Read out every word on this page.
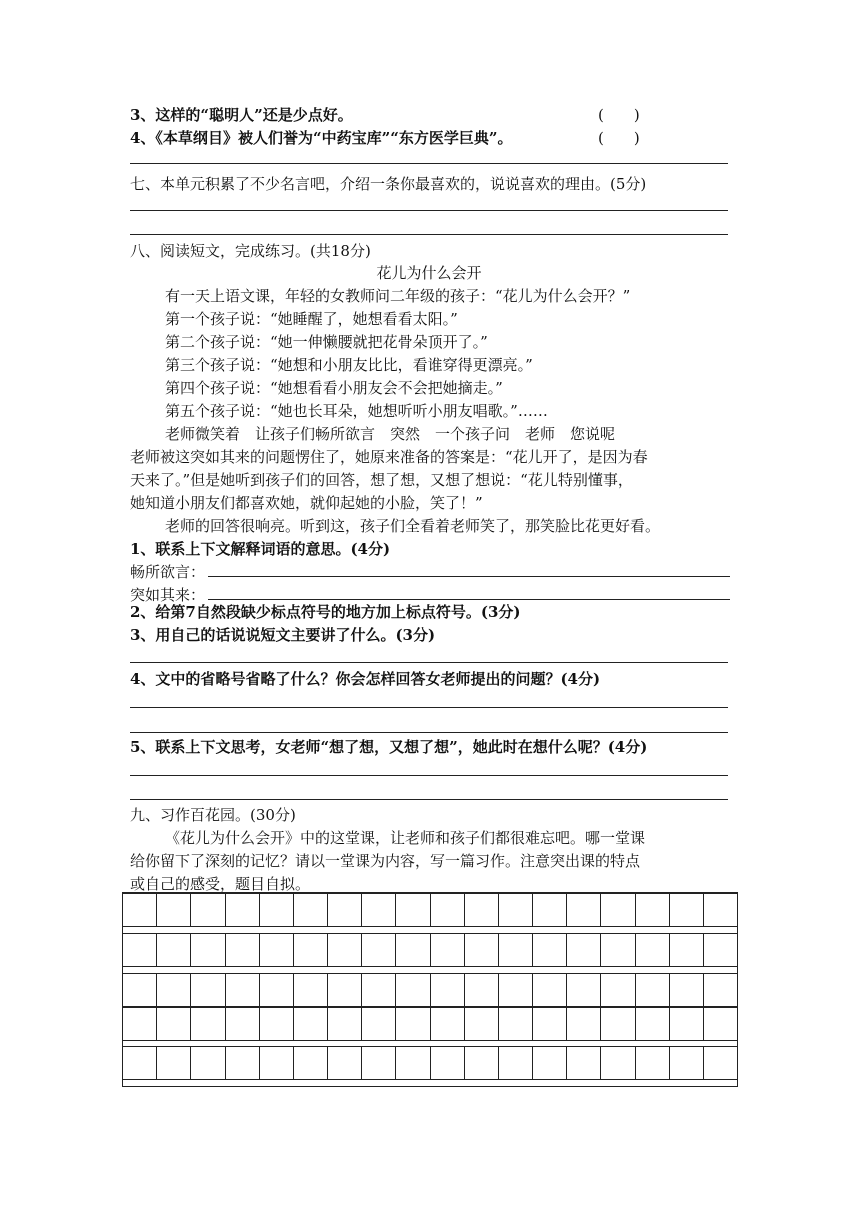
3、这样的“聪明人”还是少点好。	(　　)
4、《本草纲目》被人们誉为“中药宝库”“东方医学巨典”。	(　　)
七、本单元积累了不少名言吧，介绍一条你最喜欢的，说说喜欢的理由。(5分)
八、阅读短文，完成练习。(共18分)
花儿为什么会开
有一天上语文课，年轻的女教师问二年级的孩子：“花儿为什么会开？”
第一个孩子说：“她睡醒了，她想看看太阳。”
第二个孩子说：“她一伸懒腰就把花骨朵顶开了。”
第三个孩子说：“她想和小朋友比比，看谁穿得更漂亮。”
第四个孩子说：“她想看看小朋友会不会把她摘走。”
第五个孩子说：“她也长耳朵，她想听听小朋友唱歌。”……
老师微笑着　让孩子们畅所欲言　突然　一个孩子问　老师　您说呢
老师被这突如其来的问题愣住了，她原来准备的答案是：“花儿开了，是因为春
天来了。”但是她听到孩子们的回答，想了想，又想了想说：“花儿特别懂事，
她知道小朋友们都喜欢她，就仰起她的小脸，笑了！”
老师的回答很响亮。听到这，孩子们全看着老师笑了，那笑脸比花更好看。
1、联系上下文解释词语的意思。(4分)
畅所欲言：
突如其来：
2、给第7自然段缺少标点符号的地方加上标点符号。(3分)
3、用自己的话说说短文主要讲了什么。(3分)
4、文中的省略号省略了什么？你会怎样回答女老师提出的问题？(4分)
5、联系上下文思考，女老师“想了想，又想了想”，她此时在想什么呢？(4分)
九、习作百花园。(30分)
《花儿为什么会开》中的这堂课，让老师和孩子们都很难忘吧。哪一堂课
给你留下了深刻的记忆？请以一堂课为内容，写一篇习作。注意突出课的特点
或自己的感受，题目自拟。
